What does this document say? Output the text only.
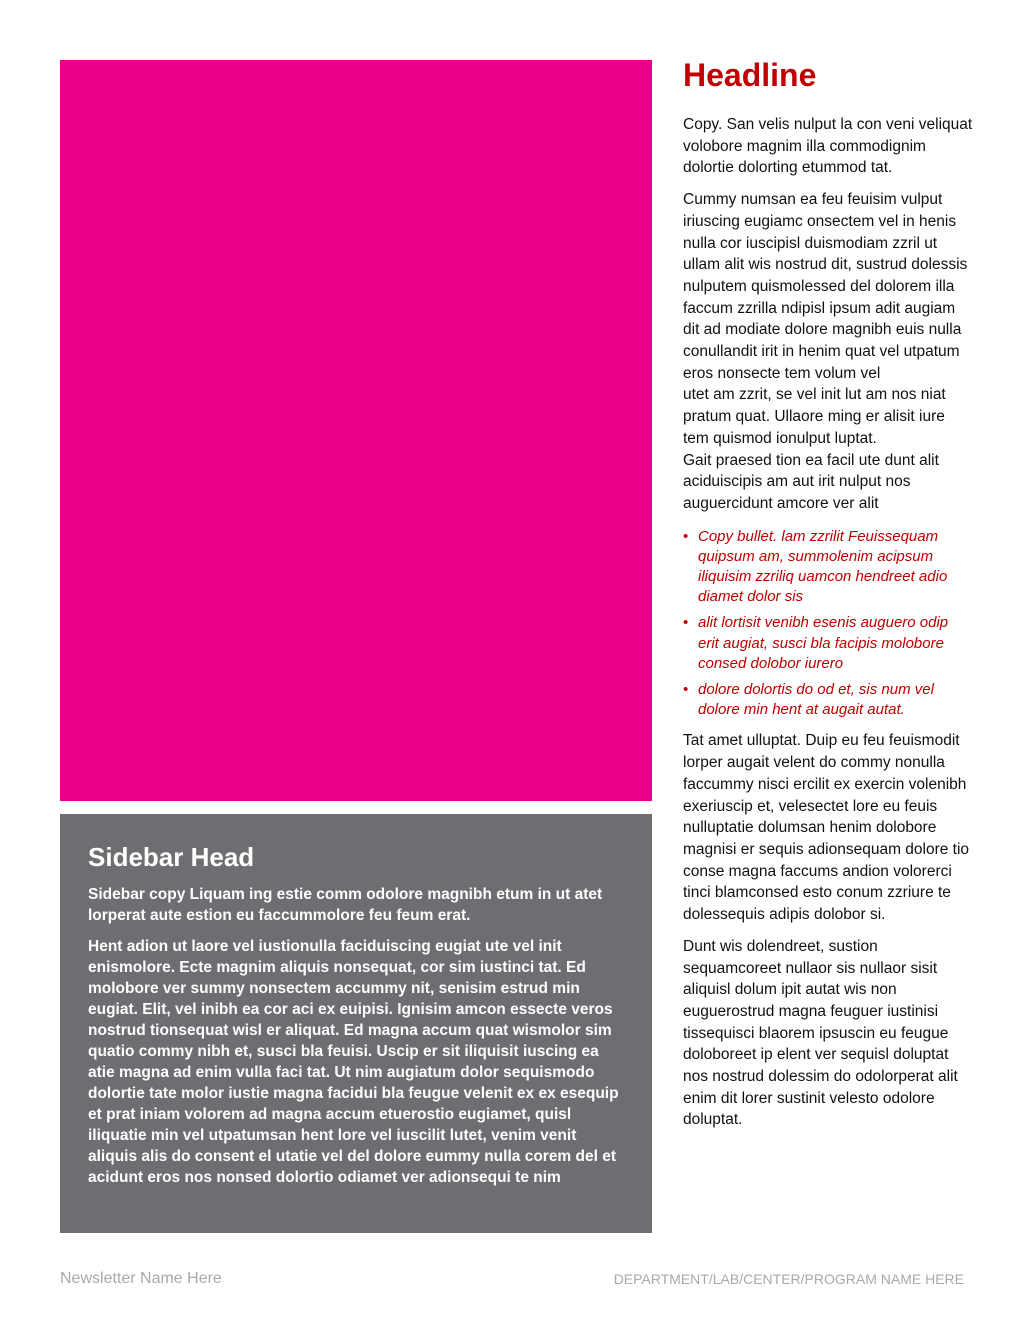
Sidebar Head

Sidebar copy Liquam ing estie comm odolore magnibh etum in ut atet lorperat aute estion eu faccummolore feu feum erat.

Hent adion ut laore vel iustionulla faciduiscing eugiat ute vel init enismolore. Ecte magnim aliquis nonsequat, cor sim iustinci tat. Ed molobore ver summy nonsectem accummy nit, senisim estrud min eugiat. Elit, vel inibh ea cor aci ex euipisi. Ignisim amcon essecte veros nostrud tionsequat wisl er aliquat. Ed magna accum quat wismolor sim quatio commy nibh et, susci bla feuisi. Uscip er sit iliquisit iuscing ea atie magna ad enim vulla faci tat. Ut nim augiatum dolor sequismodo dolortie tate molor iustie magna facidui bla feugue velenit ex ex esequip et prat iniam volorem ad magna accum etuerostio eugiamet, quisl iliquatie min vel utpatumsan hent lore vel iuscilit lutet, venim venit aliquis alis do consent el utatie vel del dolore eummy nulla corem del et acidunt eros nos nonsed dolortio odiamet ver adionsequi te nim

Headline

Copy. San velis nulput la con veni veliquat volobore magnim illa commodignim dolortie dolorting etummod tat.

Cummy numsan ea feu feuisim vulput iriuscing eugiamc onsectem vel in henis nulla cor iuscipisl duismodiam zzril ut ullam alit wis nostrud dit, sustrud dolessis nulputem quismolessed del dolorem illa faccum zzrilla ndipisl ipsum adit augiam dit ad modiate dolore magnibh euis nulla conullandit irit in henim quat vel utpatum eros nonsecte tem volum vel
utet am zzrit, se vel init lut am nos niat pratum quat. Ullaore ming er alisit iure tem quismod ionulput luptat.
Gait praesed tion ea facil ute dunt alit aciduiscipis am aut irit nulput nos auguercidunt amcore ver alit

• Copy bullet. lam zzrilit Feuissequam quipsum am, summolenim acipsum iliquisim zzriliq uamcon hendreet adio diamet dolor sis
• alit lortisit venibh esenis auguero odip erit augiat, susci bla facipis molobore consed dolobor iurero
• dolore dolortis do od et, sis num vel dolore min hent at augait autat.

Tat amet ulluptat. Duip eu feu feuismodit lorper augait velent do commy nonulla faccummy nisci ercilit ex exercin volenibh exeriuscip et, velesectet lore eu feuis nulluptatie dolumsan henim dolobore magnisi er sequis adionsequam dolore tio conse magna faccums andion volorerci tinci blamconsed esto conum zzriure te dolessequis adipis dolobor si.

Dunt wis dolendreet, sustion sequamcoreet nullaor sis nullaor sisit aliquisl dolum ipit autat wis non euguerostrud magna feuguer iustinisi tissequisci blaorem ipsuscin eu feugue doloboreet ip elent ver sequisl doluptat nos nostrud dolessim do odolorperat alit enim dit lorer sustinit velesto odolore doluptat.

Newsletter Name Here	DEPARTMENT/LAB/CENTER/PROGRAM NAME HERE
